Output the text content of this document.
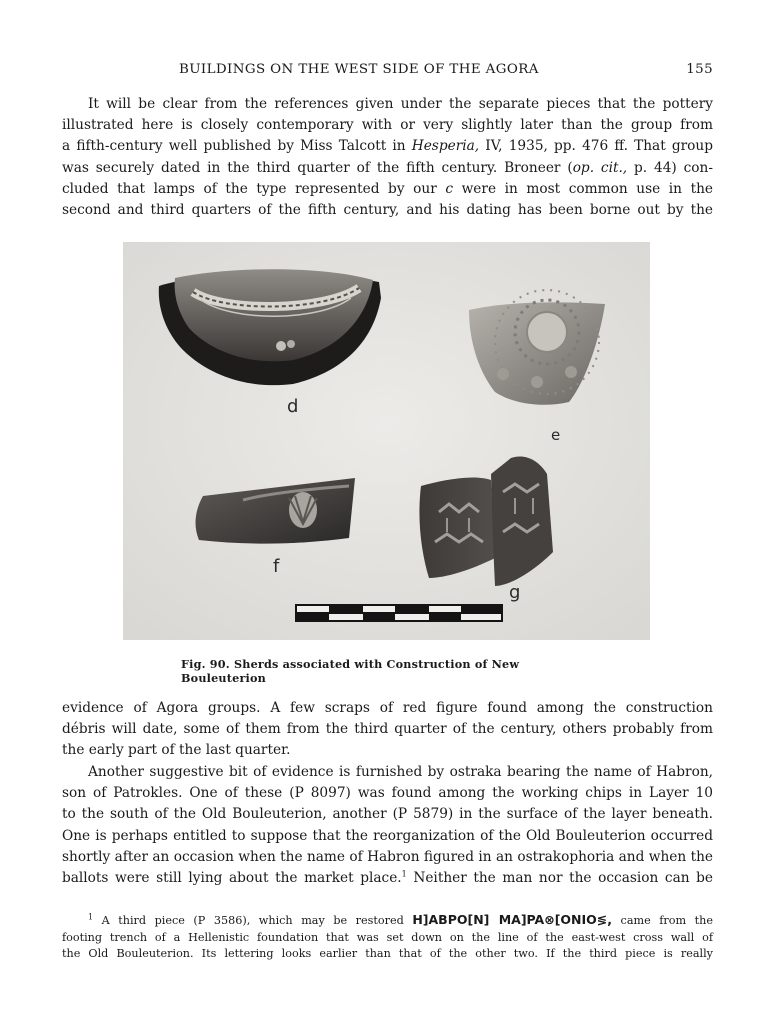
BUILDINGS ON THE WEST SIDE OF THE AGORA	155
It will be clear from the references given under the separate pieces that the pottery
illustrated here is closely contemporary with or very slightly later than the group from
a fifth-century well published by Miss Talcott in Hesperia, IV, 1935, pp. 476 ff. That group
was securely dated in the third quarter of the fifth century. Broneer (op. cit., p. 44) con-
cluded that lamps of the type represented by our c were in most common use in the
second and third quarters of the fifth century, and his dating has been borne out by the
d
e
f
g
Fig. 90. Sherds associated with Construction of New Bouleuterion
evidence of Agora groups. A few scraps of red figure found among the construction
débris will date, some of them from the third quarter of the century, others probably from
the early part of the last quarter.
Another suggestive bit of evidence is furnished by ostraka bearing the name of Habron,
son of Patrokles. One of these (P 8097) was found among the working chips in Layer 10
to the south of the Old Bouleuterion, another (P 5879) in the surface of the layer beneath.
One is perhaps entitled to suppose that the reorganization of the Old Bouleuterion occurred
shortly after an occasion when the name of Habron figured in an ostrakophoria and when the
ballots were still lying about the market place.$^1$ Neither the man nor the occasion can be
$^1$ A third piece (P 3586), which may be restored H]ABPO[N] MA]PA⊗[ONIO≶, came from the
footing trench of a Hellenistic foundation that was set down on the line of the east-west cross wall of
the Old Bouleuterion. Its lettering looks earlier than that of the other two. If the third piece is really
